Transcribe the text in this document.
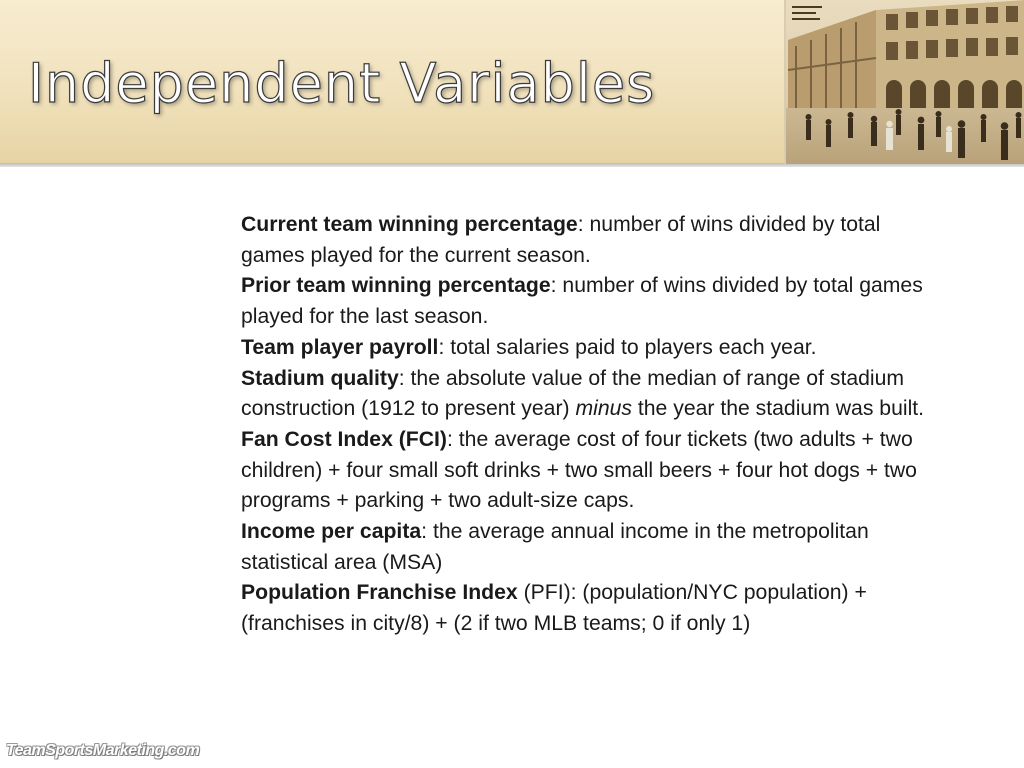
Independent Variables

Current team winning percentage: number of wins divided by total games played for the current season.

Prior team winning percentage: number of wins divided by total games played for the last season.

Team player payroll: total salaries paid to players each year.

Stadium quality: the absolute value of the median of range of stadium construction (1912 to present year) minus the year the stadium was built.

Fan Cost Index (FCI): the average cost of four tickets (two adults + two children) + four small soft drinks + two small beers + four hot dogs + two programs + parking + two adult-size caps.

Income per capita: the average annual income in the metropolitan statistical area (MSA)

Population Franchise Index (PFI): (population/NYC population) + (franchises in city/8) + (2 if two MLB teams; 0 if only 1)

TeamSportsMarketing.com
